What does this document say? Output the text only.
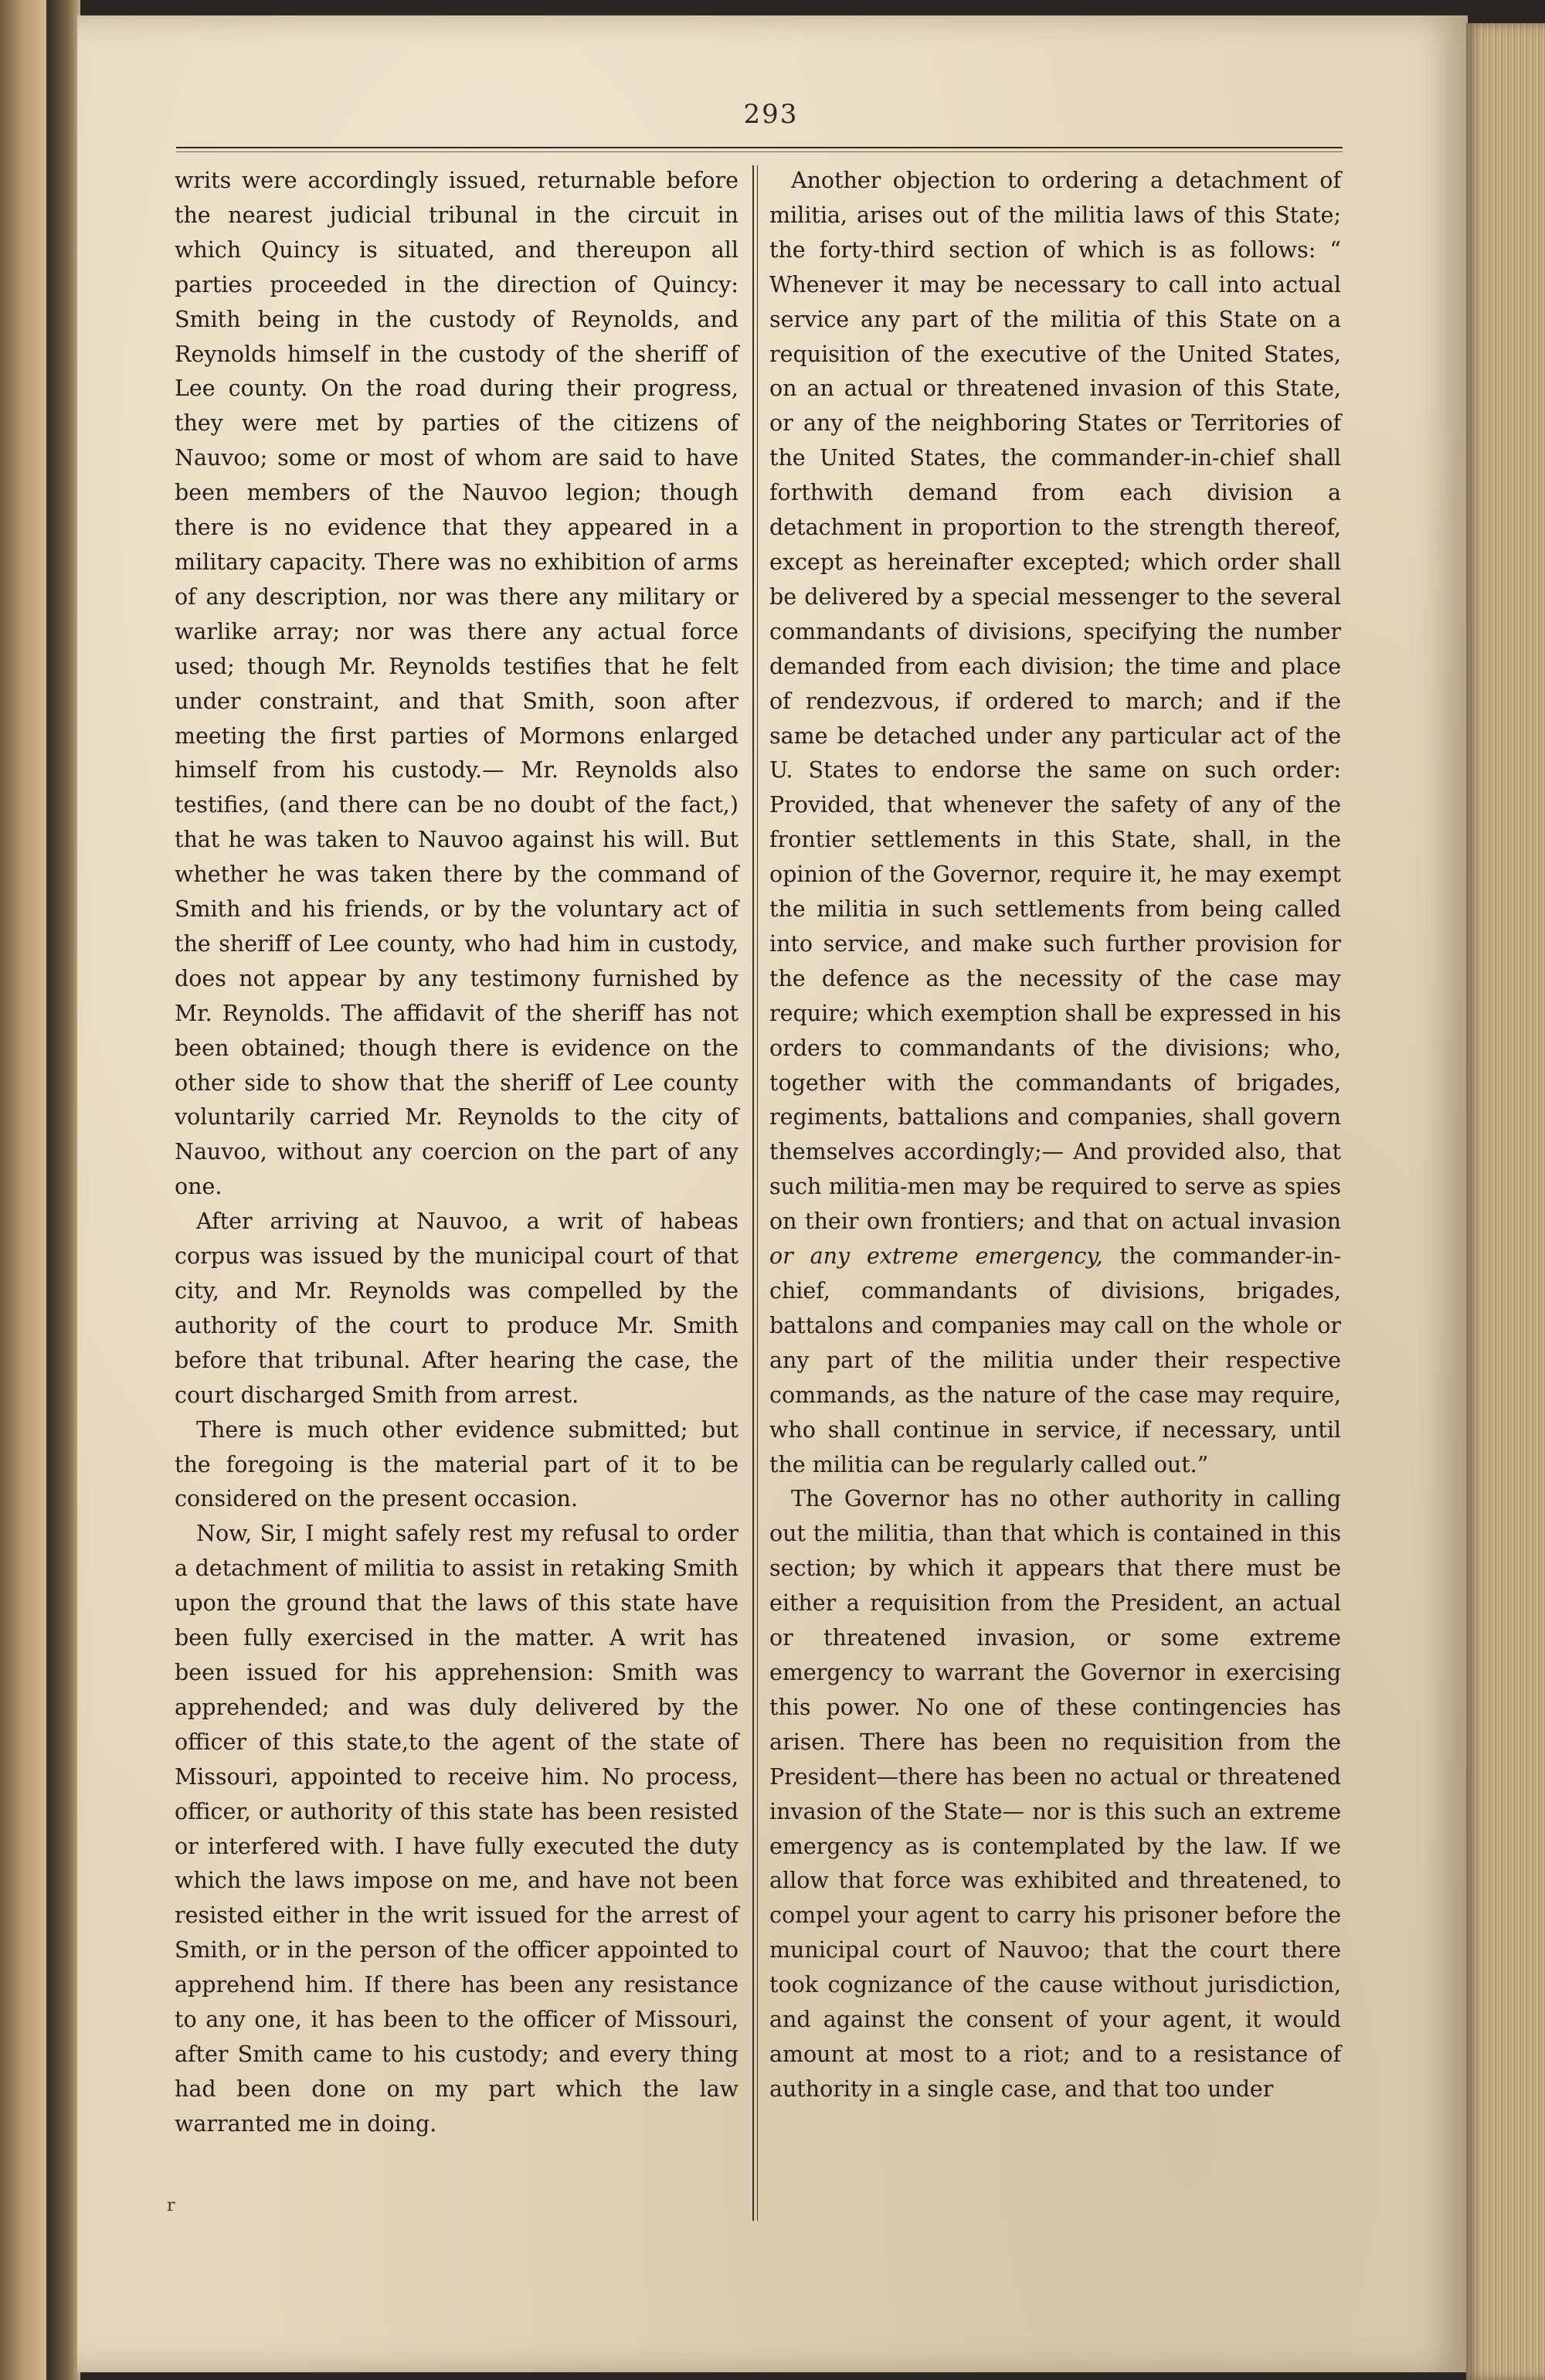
293

writs were accordingly issued, returnable before the nearest judicial tribunal in the circuit in which Quincy is situated, and thereupon all parties proceeded in the direction of Quincy: Smith being in the custody of Reynolds, and Reynolds himself in the custody of the sheriff of Lee county. On the road during their progress, they were met by parties of the citizens of Nauvoo; some or most of whom are said to have been members of the Nauvoo legion; though there is no evidence that they appeared in a military capacity. There was no exhibition of arms of any description, nor was there any military or warlike array; nor was there any actual force used; though Mr. Reynolds testifies that he felt under constraint, and that Smith, soon after meeting the first parties of Mormons enlarged himself from his custody.— Mr. Reynolds also testifies, (and there can be no doubt of the fact,) that he was taken to Nauvoo against his will. But whether he was taken there by the command of Smith and his friends, or by the voluntary act of the sheriff of Lee county, who had him in custody, does not appear by any testimony furnished by Mr. Reynolds. The affidavit of the sheriff has not been obtained; though there is evidence on the other side to show that the sheriff of Lee county voluntarily carried Mr. Reynolds to the city of Nauvoo, without any coercion on the part of any one.

After arriving at Nauvoo, a writ of habeas corpus was issued by the municipal court of that city, and Mr. Reynolds was compelled by the authority of the court to produce Mr. Smith before that tribunal. After hearing the case, the court discharged Smith from arrest.

There is much other evidence submitted; but the foregoing is the material part of it to be considered on the present occasion.

Now, Sir, I might safely rest my refusal to order a detachment of militia to assist in retaking Smith upon the ground that the laws of this state have been fully exercised in the matter. A writ has been issued for his apprehension: Smith was apprehended; and was duly delivered by the officer of this state,to the agent of the state of Missouri, appointed to receive him. No process, officer, or authority of this state has been resisted or interfered with. I have fully executed the duty which the laws impose on me, and have not been resisted either in the writ issued for the arrest of Smith, or in the person of the officer appointed to apprehend him. If there has been any resistance to any one, it has been to the officer of Missouri, after Smith came to his custody; and every thing had been done on my part which the law warranted me in doing.

Another objection to ordering a detachment of militia, arises out of the militia laws of this State; the forty-third section of which is as follows: “ Whenever it may be necessary to call into actual service any part of the militia of this State on a requisition of the executive of the United States, on an actual or threatened invasion of this State, or any of the neighboring States or Territories of the United States, the commander-in-chief shall forthwith demand from each division a detachment in proportion to the strength thereof, except as hereinafter excepted; which order shall be delivered by a special messenger to the several commandants of divisions, specifying the number demanded from each division; the time and place of rendezvous, if ordered to march; and if the same be detached under any particular act of the U. States to endorse the same on such order: Provided, that whenever the safety of any of the frontier settlements in this State, shall, in the opinion of the Governor, require it, he may exempt the militia in such settlements from being called into service, and make such further provision for the defence as the necessity of the case may require; which exemption shall be expressed in his orders to commandants of the divisions; who, together with the commandants of brigades, regiments, battalions and companies, shall govern themselves accordingly;— And provided also, that such militia-men may be required to serve as spies on their own frontiers; and that on actual invasion or any extreme emergency, the commander-in-chief, commandants of divisions, brigades, battalons and companies may call on the whole or any part of the militia under their respective commands, as the nature of the case may require, who shall continue in service, if necessary, until the militia can be regularly called out.”

The Governor has no other authority in calling out the militia, than that which is contained in this section; by which it appears that there must be either a requisition from the President, an actual or threatened invasion, or some extreme emergency to warrant the Governor in exercising this power. No one of these contingencies has arisen. There has been no requisition from the President—there has been no actual or threatened invasion of the State— nor is this such an extreme emergency as is contemplated by the law. If we allow that force was exhibited and threatened, to compel your agent to carry his prisoner before the municipal court of Nauvoo; that the court there took cognizance of the cause without jurisdiction, and against the consent of your agent, it would amount at most to a riot; and to a resistance of authority in a single case, and that too under

r
